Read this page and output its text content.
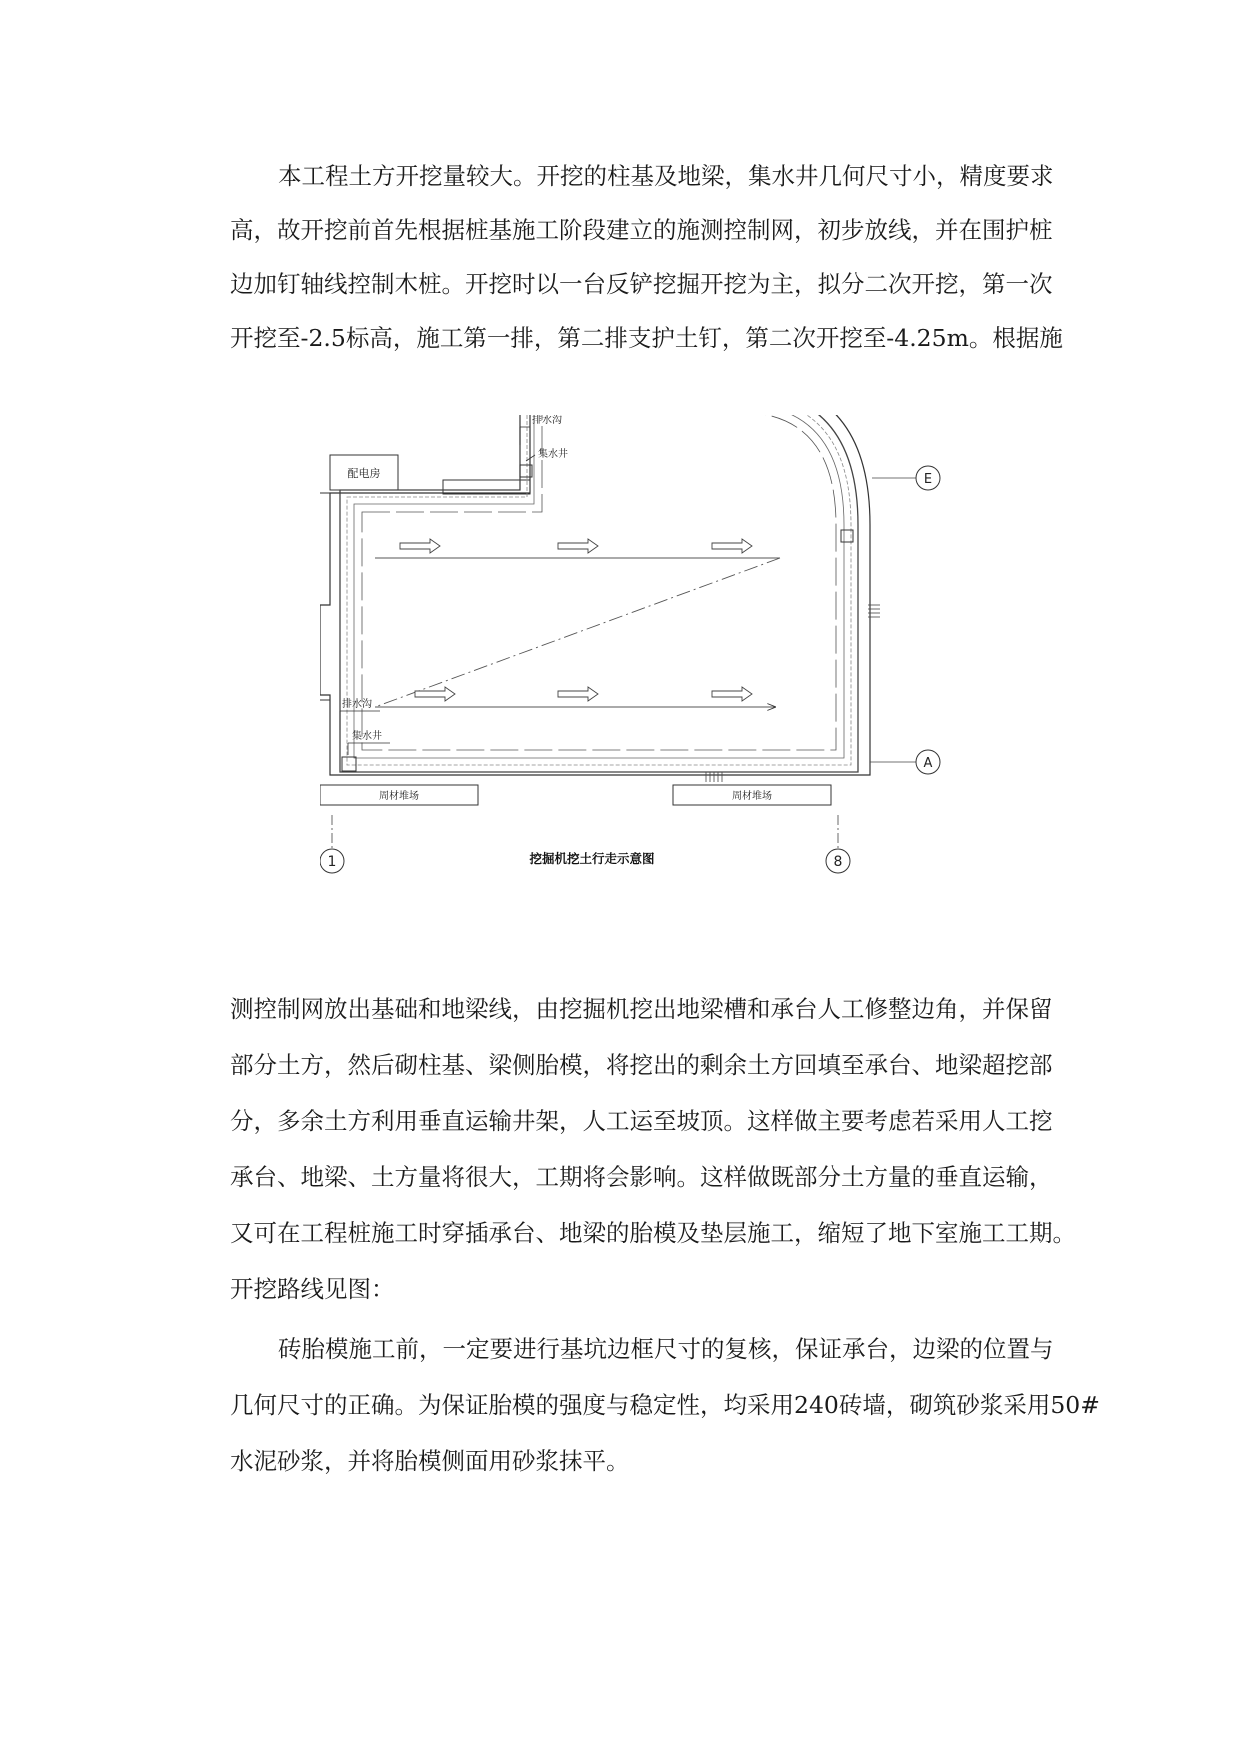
本工程土方开挖量较大。开挖的柱基及地梁，集水井几何尺寸小，精度要求
高，故开挖前首先根据桩基施工阶段建立的施测控制网，初步放线，并在围护桩
边加钉轴线控制木桩。开挖时以一台反铲挖掘开挖为主，拟分二次开挖，第一次
开挖至-2.5标高，施工第一排，第二排支护土钉，第二次开挖至-4.25m。根据施
配电房
排水沟
集水井
排水沟
集水井
周材堆场	周材堆场
1	8
E
A
挖掘机挖土行走示意图
测控制网放出基础和地梁线，由挖掘机挖出地梁槽和承台人工修整边角，并保留
部分土方，然后砌柱基、梁侧胎模，将挖出的剩余土方回填至承台、地梁超挖部
分，多余土方利用垂直运输井架，人工运至坡顶。这样做主要考虑若采用人工挖
承台、地梁、土方量将很大，工期将会影响。这样做既部分土方量的垂直运输，
又可在工程桩施工时穿插承台、地梁的胎模及垫层施工，缩短了地下室施工工期。
开挖路线见图：
砖胎模施工前，一定要进行基坑边框尺寸的复核，保证承台，边梁的位置与
几何尺寸的正确。为保证胎模的强度与稳定性，均采用240砖墙，砌筑砂浆采用50#
水泥砂浆，并将胎模侧面用砂浆抹平。
